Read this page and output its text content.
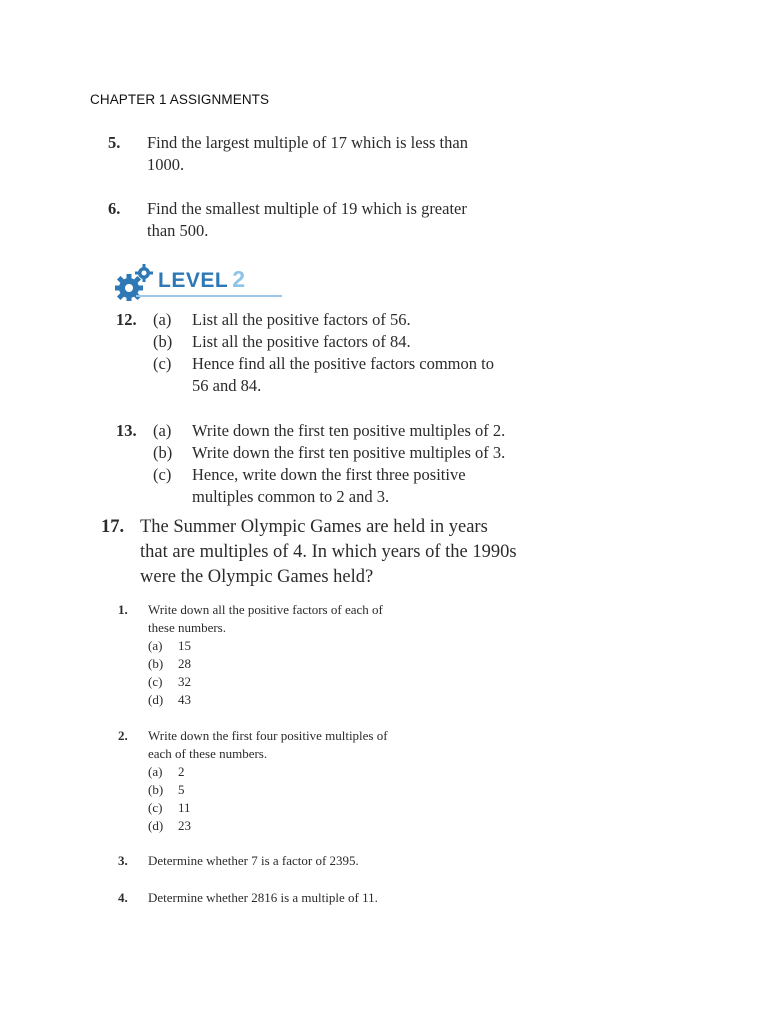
CHAPTER 1 ASSIGNMENTS
5. Find the largest multiple of 17 which is less than
1000.
6. Find the smallest multiple of 19 which is greater
than 500.
LEVEL 2
12. (a) List all the positive factors of 56.
(b) List all the positive factors of 84.
(c) Hence find all the positive factors common to
56 and 84.
13. (a) Write down the first ten positive multiples of 2.
(b) Write down the first ten positive multiples of 3.
(c) Hence, write down the first three positive
multiples common to 2 and 3.
17. The Summer Olympic Games are held in years
that are multiples of 4. In which years of the 1990s
were the Olympic Games held?
1. Write down all the positive factors of each of
these numbers.
(a) 15
(b) 28
(c) 32
(d) 43
2. Write down the first four positive multiples of
each of these numbers.
(a) 2
(b) 5
(c) 11
(d) 23
3. Determine whether 7 is a factor of 2395.
4. Determine whether 2816 is a multiple of 11.
